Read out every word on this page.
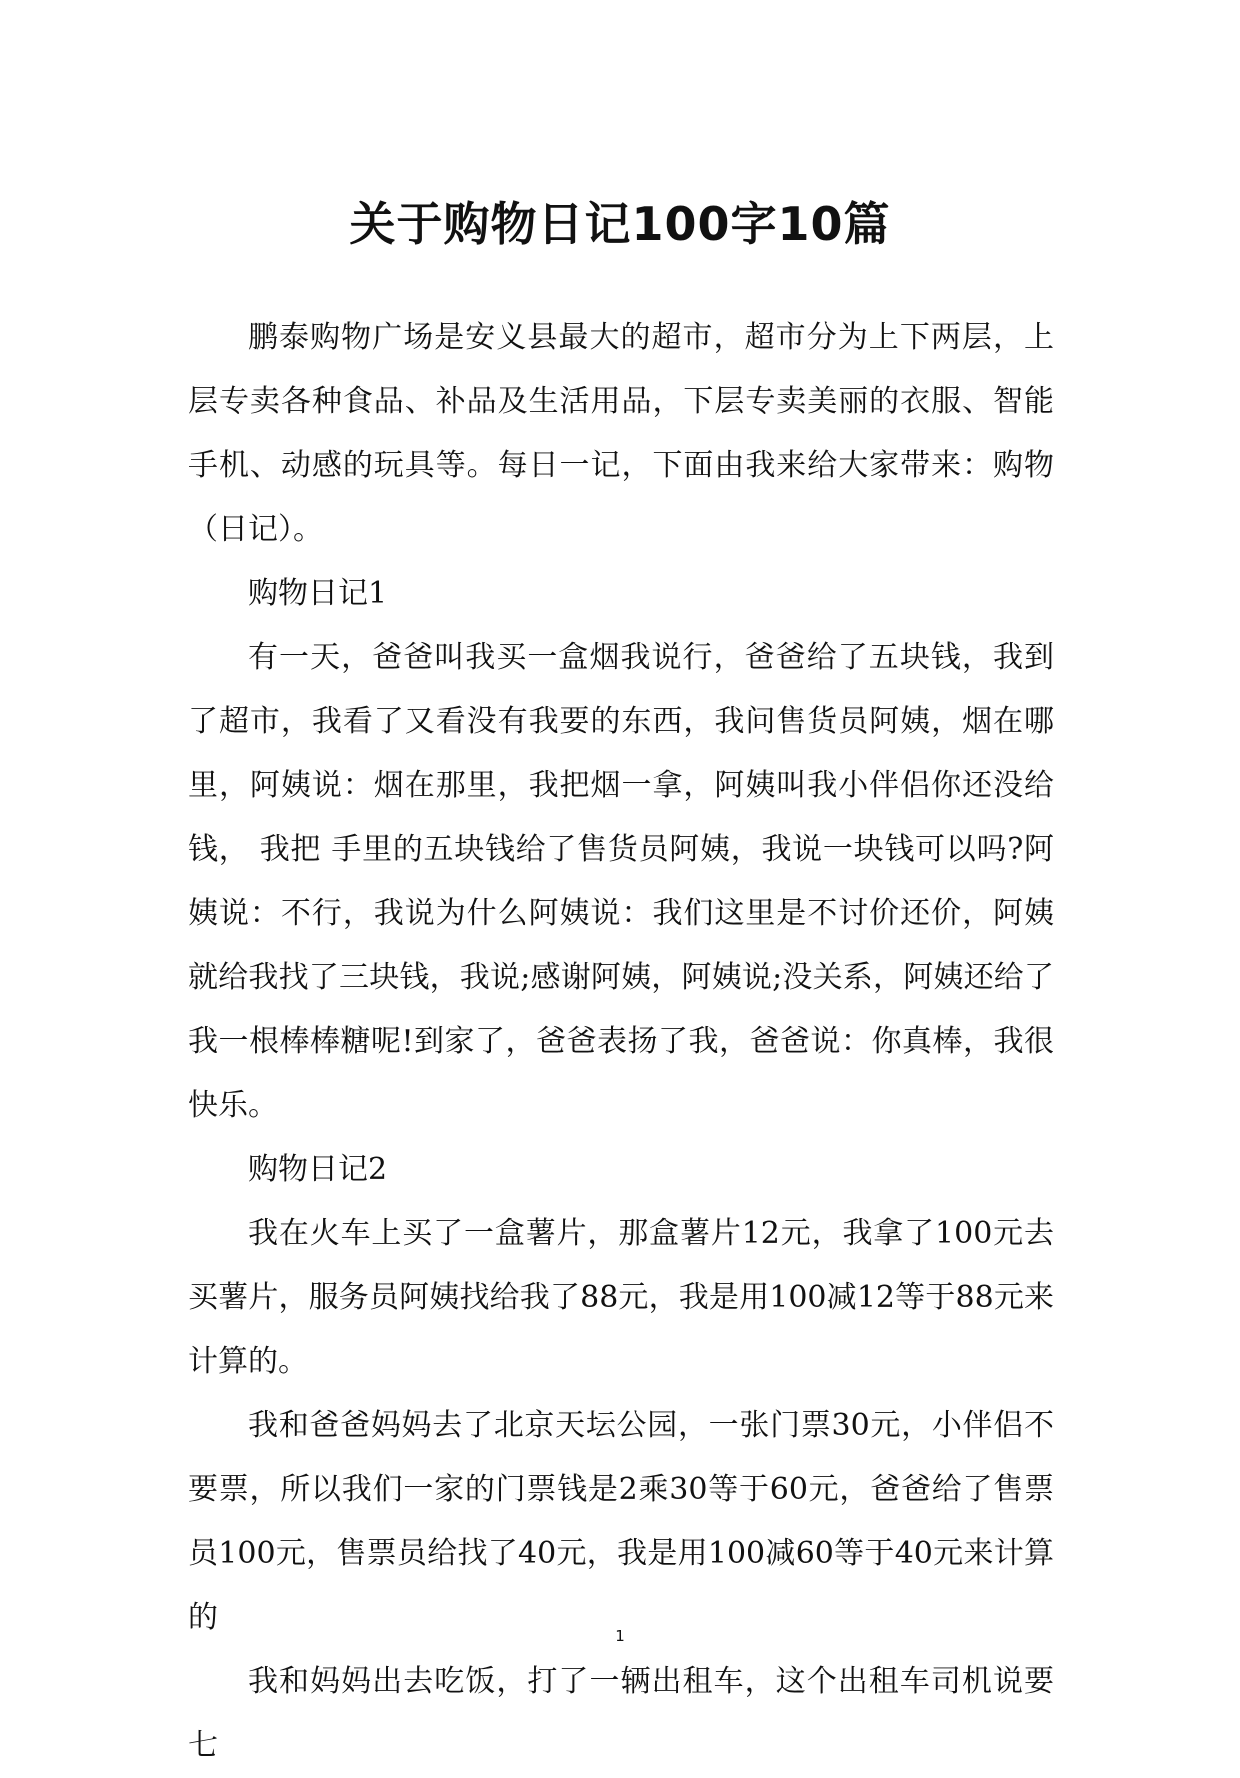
关于购物日记100字10篇

鹏泰购物广场是安义县最大的超市，超市分为上下两层，上层专卖各种食品、补品及生活用品，下层专卖美丽的衣服、智能手机、动感的玩具等。每日一记，下面由我来给大家带来：购物（日记）。

购物日记1

有一天，爸爸叫我买一盒烟我说行，爸爸给了五块钱，我到了超市，我看了又看没有我要的东西，我问售货员阿姨，烟在哪里，阿姨说：烟在那里，我把烟一拿，阿姨叫我小伴侣你还没给钱， 我把 手里的五块钱给了售货员阿姨，我说一块钱可以吗?阿姨说：不行，我说为什么阿姨说：我们这里是不讨价还价，阿姨就给我找了三块钱，我说;感谢阿姨，阿姨说;没关系，阿姨还给了我一根棒棒糖呢!到家了，爸爸表扬了我，爸爸说：你真棒，我很快乐。

购物日记2

我在火车上买了一盒薯片，那盒薯片12元，我拿了100元去买薯片，服务员阿姨找给我了88元，我是用100减12等于88元来计算的。

我和爸爸妈妈去了北京天坛公园，一张门票30元，小伴侣不要票，所以我们一家的门票钱是2乘30等于60元，爸爸给了售票员100元，售票员给找了40元，我是用100减60等于40元来计算的

我和妈妈出去吃饭，打了一辆出租车，这个出租车司机说要七

1
